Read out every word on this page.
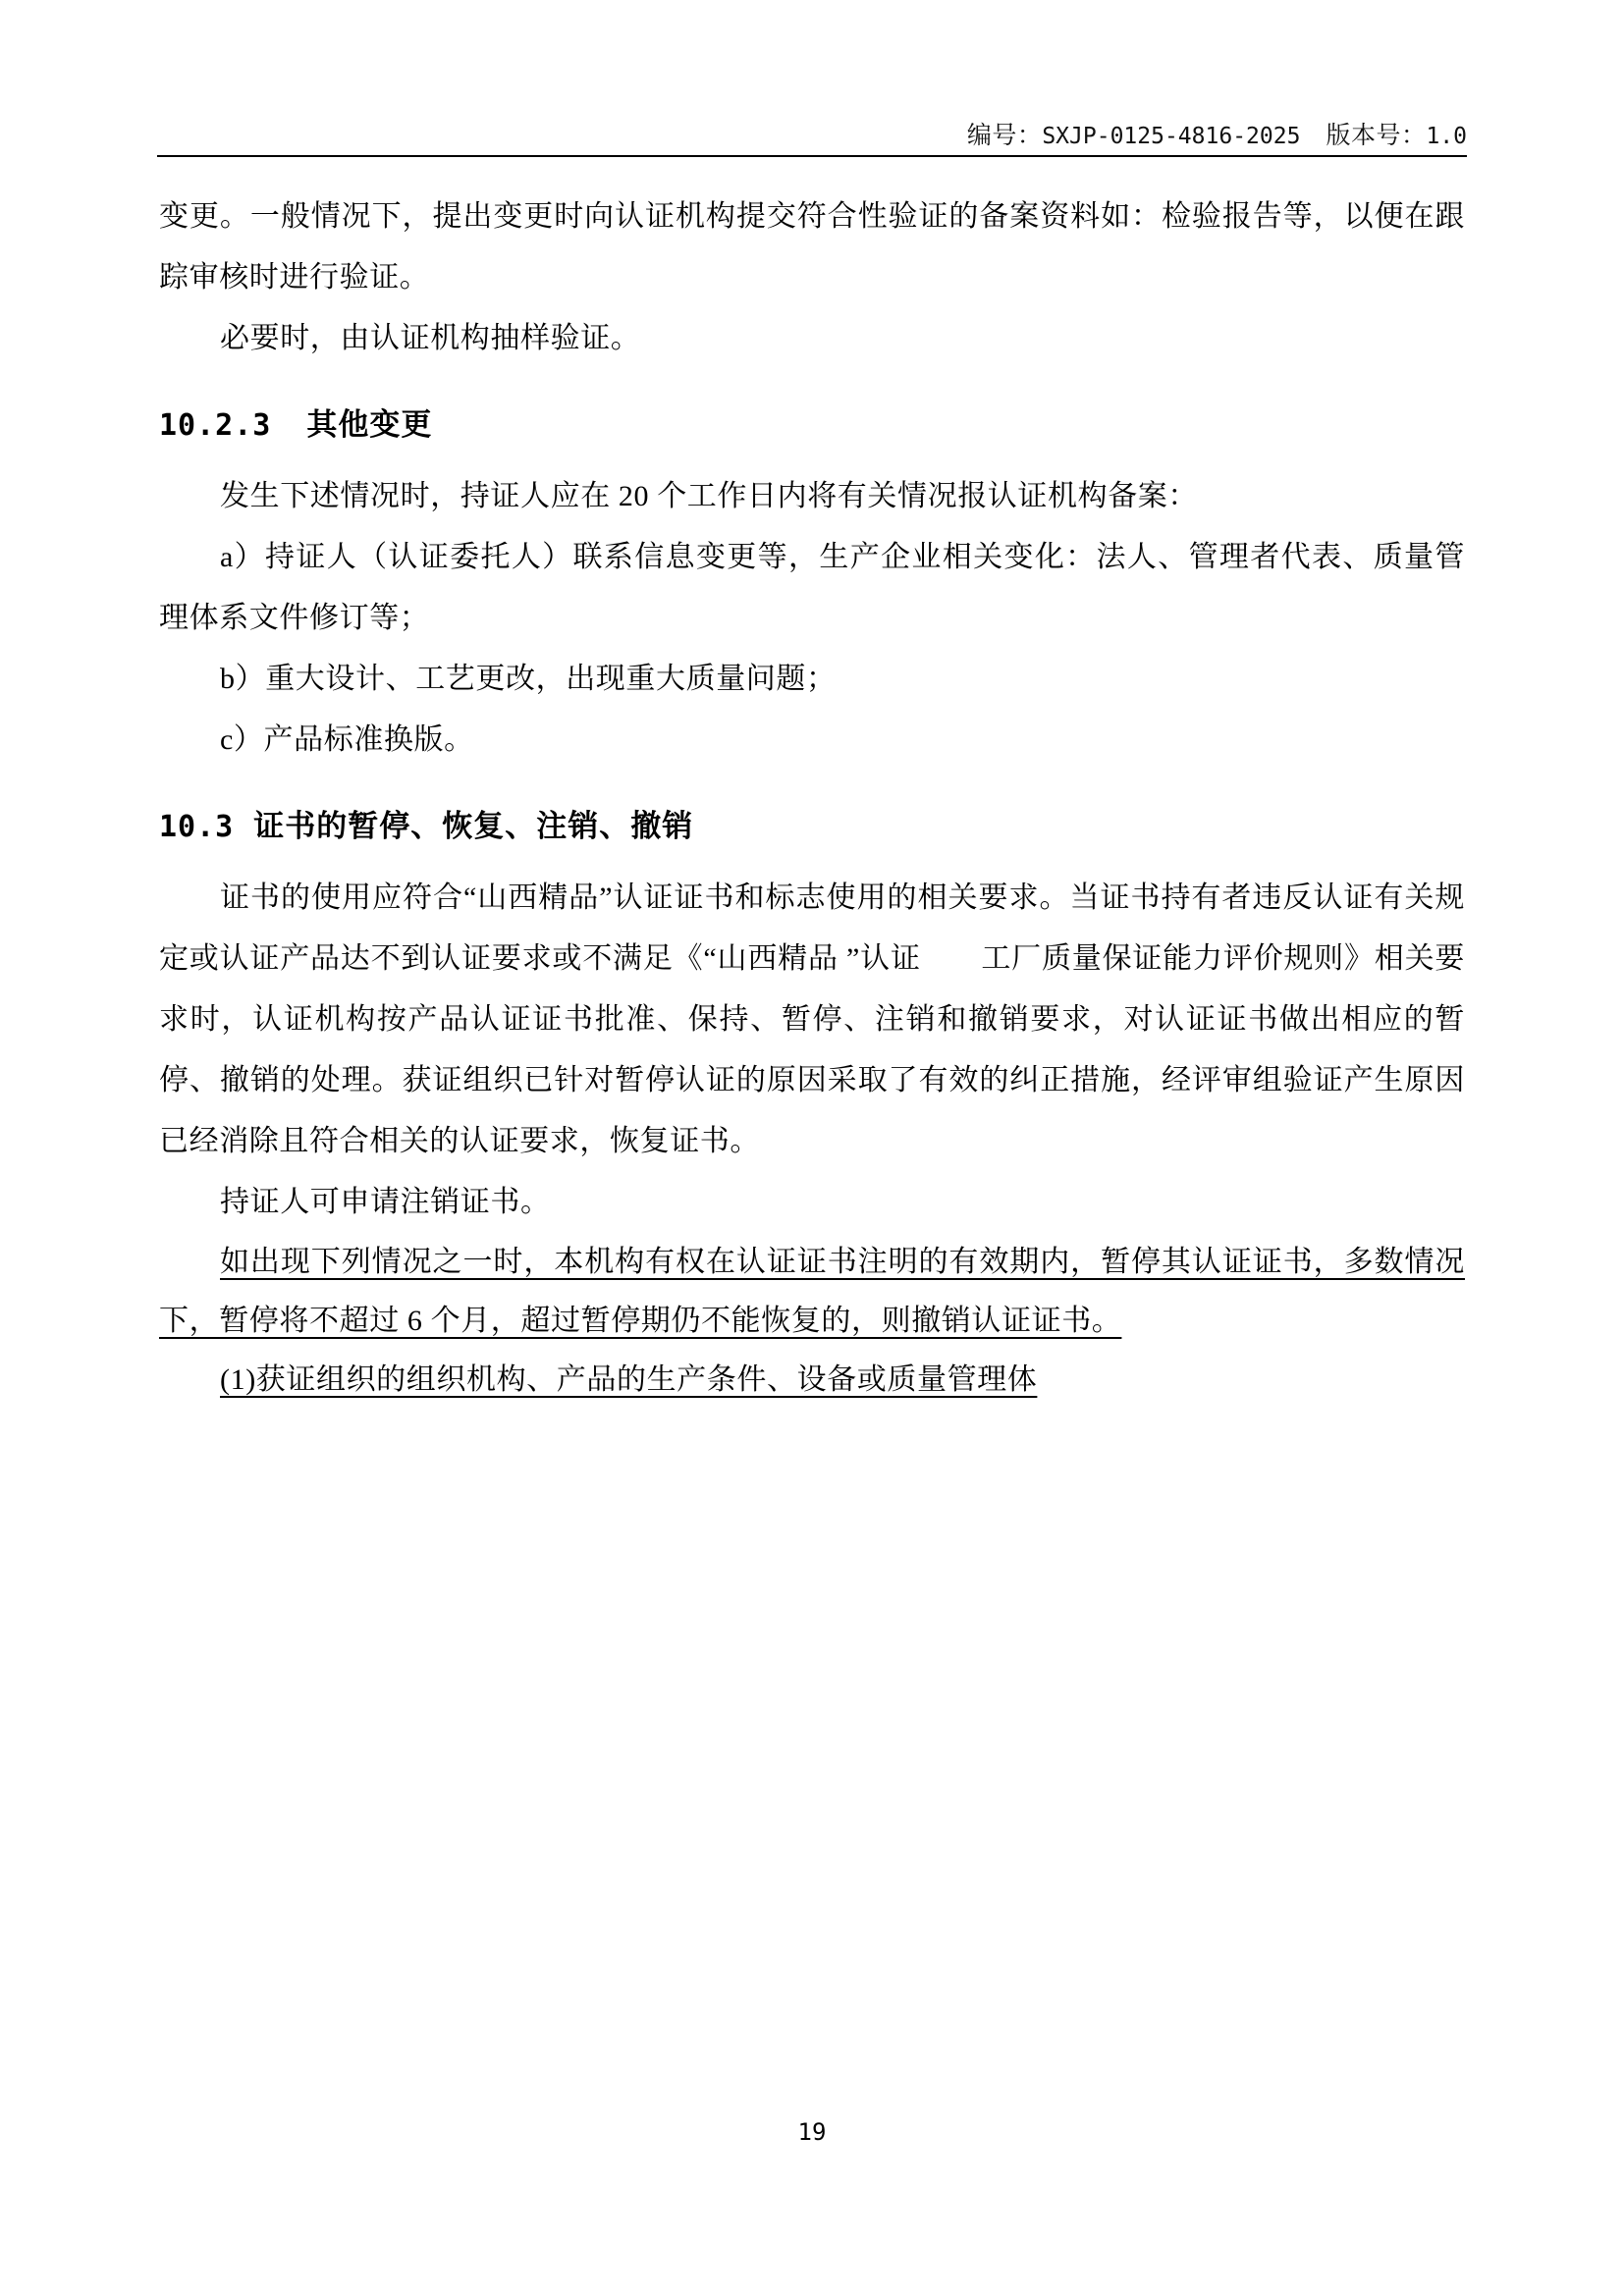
编号：SXJP-0125-4816-2025 版本号：1.0

变更。一般情况下，提出变更时向认证机构提交符合性验证的备案资料如：检验报告等，以便在跟踪审核时进行验证。

必要时，由认证机构抽样验证。

10.2.3 其他变更

发生下述情况时，持证人应在 20 个工作日内将有关情况报认证机构备案：

a）持证人（认证委托人）联系信息变更等，生产企业相关变化：法人、管理者代表、质量管理体系文件修订等；

b）重大设计、工艺更改，出现重大质量问题；

c）产品标准换版。

10.3 证书的暂停、恢复、注销、撤销

证书的使用应符合“山西精品”认证证书和标志使用的相关要求。当证书持有者违反认证有关规定或认证产品达不到认证要求或不满足《“山西精品 ”认证　　工厂质量保证能力评价规则》相关要求时，认证机构按产品认证证书批准、保持、暂停、注销和撤销要求，对认证证书做出相应的暂停、撤销的处理。获证组织已针对暂停认证的原因采取了有效的纠正措施，经评审组验证产生原因已经消除且符合相关的认证要求，恢复证书。

持证人可申请注销证书。

如出现下列情况之一时，本机构有权在认证证书注明的有效期内，暂停其认证证书，多数情况下，暂停将不超过 6 个月，超过暂停期仍不能恢复的，则撤销认证证书。

(1)获证组织的组织机构、产品的生产条件、设备或质量管理体

19
